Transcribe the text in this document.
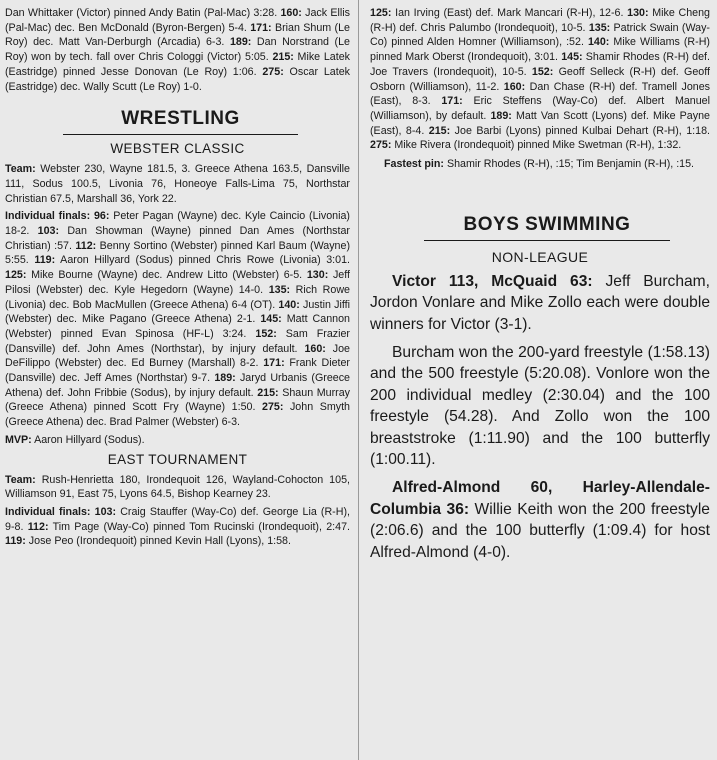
Dan Whittaker (Victor) pinned Andy Batin (Pal-Mac) 3:28. 160: Jack Ellis (Pal-Mac) dec. Ben McDonald (Byron-Bergen) 5-4. 171: Brian Shum (Le Roy) dec. Matt Van-Derburgh (Arcadia) 6-3. 189: Dan Norstrand (Le Roy) won by tech. fall over Chris Cologgi (Victor) 5:05. 215: Mike Latek (Eastridge) pinned Jesse Donovan (Le Roy) 1:06. 275: Oscar Latek (Eastridge) dec. Wally Scutt (Le Roy) 1-0.

WRESTLING
WEBSTER CLASSIC

Team: Webster 230, Wayne 181.5, 3. Greece Athena 163.5, Dansville 111, Sodus 100.5, Livonia 76, Honeoye Falls-Lima 75, Northstar Christian 67.5, Marshall 36, York 22.

Individual finals: 96: Peter Pagan (Wayne) dec. Kyle Caincio (Livonia) 18-2. 103: Dan Showman (Wayne) pinned Dan Ames (Northstar Christian) :57. 112: Benny Sortino (Webster) pinned Karl Baum (Wayne) 5:55. 119: Aaron Hillyard (Sodus) pinned Chris Rowe (Livonia) 3:01. 125: Mike Bourne (Wayne) dec. Andrew Litto (Webster) 6-5. 130: Jeff Pilosi (Webster) dec. Kyle Hegedorn (Wayne) 14-0. 135: Rich Rowe (Livonia) dec. Bob MacMullen (Greece Athena) 6-4 (OT). 140: Justin Jiffi (Webster) dec. Mike Pagano (Greece Athena) 2-1. 145: Matt Cannon (Webster) pinned Evan Spinosa (HF-L) 3:24. 152: Sam Frazier (Dansville) def. John Ames (Northstar), by injury default. 160: Joe DeFilippo (Webster) dec. Ed Burney (Marshall) 8-2. 171: Frank Dieter (Dansville) dec. Jeff Ames (Northstar) 9-7. 189: Jaryd Urbanis (Greece Athena) def. John Fribbie (Sodus), by injury default. 215: Shaun Murray (Greece Athena) pinned Scott Fry (Wayne) 1:50. 275: John Smyth (Greece Athena) dec. Brad Palmer (Webster) 6-3.

MVP: Aaron Hillyard (Sodus).

EAST TOURNAMENT

Team: Rush-Henrietta 180, Irondequoit 126, Wayland-Cohocton 105, Williamson 91, East 75, Lyons 64.5, Bishop Kearney 23.

Individual finals: 103: Craig Stauffer (Way-Co) def. George Lia (R-H), 9-8. 112: Tim Page (Way-Co) pinned Tom Rucinski (Irondequoit), 2:47. 119: Jose Peo (Irondequoit) pinned Kevin Hall (Lyons), 1:58.

125: Ian Irving (East) def. Mark Mancari (R-H), 12-6. 130: Mike Cheng (R-H) def. Chris Palumbo (Irondequoit), 10-5. 135: Patrick Swain (Way-Co) pinned Alden Homner (Williamson), :52. 140: Mike Williams (R-H) pinned Mark Oberst (Irondequoit), 3:01. 145: Shamir Rhodes (R-H) def. Joe Travers (Irondequoit), 10-5. 152: Geoff Selleck (R-H) def. Geoff Osborn (Williamson), 11-2. 160: Dan Chase (R-H) def. Tramell Jones (East), 8-3. 171: Eric Steffens (Way-Co) def. Albert Manuel (Williamson), by default. 189: Matt Van Scott (Lyons) def. Mike Payne (East), 8-4. 215: Joe Barbi (Lyons) pinned Kulbai Dehart (R-H), 1:18. 275: Mike Rivera (Irondequoit) pinned Mike Swetman (R-H), 1:32.

Fastest pin: Shamir Rhodes (R-H), :15; Tim Benjamin (R-H), :15.

BOYS SWIMMING
NON-LEAGUE

Victor 113, McQuaid 63: Jeff Burcham, Jordon Vonlare and Mike Zollo each were double winners for Victor (3-1).

Burcham won the 200-yard freestyle (1:58.13) and the 500 freestyle (5:20.08). Vonlore won the 200 individual medley (2:30.04) and the 100 freestyle (54.28). And Zollo won the 100 breaststroke (1:11.90) and the 100 butterfly (1:00.11).

Alfred-Almond 60, Harley-Allendale- Columbia 36: Willie Keith won the 200 freestyle (2:06.6) and the 100 butterfly (1:09.4) for host Alfred-Almond (4-0).
